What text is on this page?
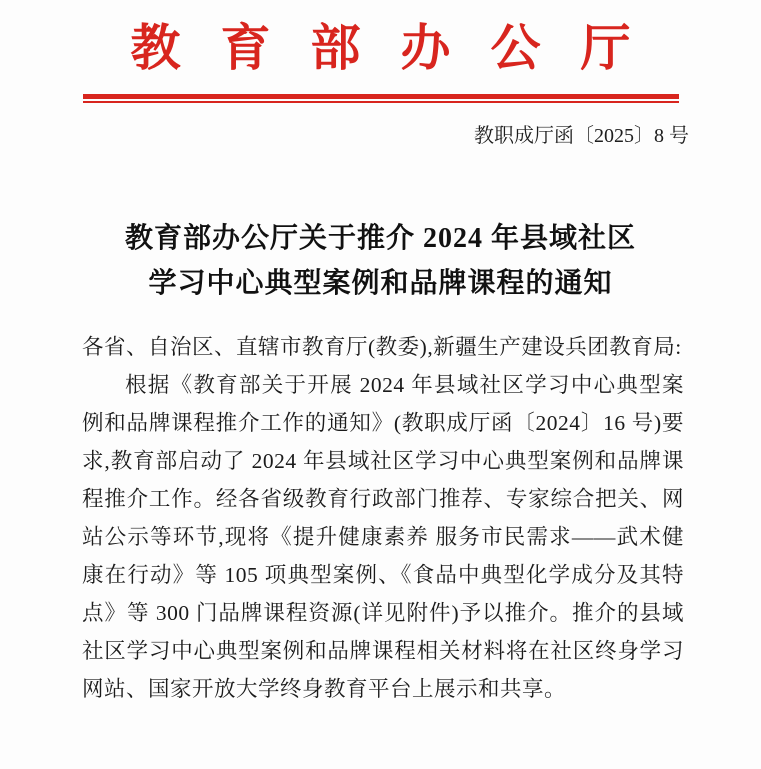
教育部办公厅
教职成厅函〔2025〕8 号
教育部办公厅关于推介 2024 年县域社区
学习中心典型案例和品牌课程的通知

各省、自治区、直辖市教育厅(教委),新疆生产建设兵团教育局:

根据《教育部关于开展 2024 年县域社区学习中心典型案例和品牌课程推介工作的通知》(教职成厅函〔2024〕16 号)要求,教育部启动了 2024 年县域社区学习中心典型案例和品牌课程推介工作。经各省级教育行政部门推荐、专家综合把关、网站公示等环节,现将《提升健康素养 服务市民需求——武术健康在行动》等 105 项典型案例、《食品中典型化学成分及其特点》等 300 门品牌课程资源(详见附件)予以推介。推介的县域社区学习中心典型案例和品牌课程相关材料将在社区终身学习网站、国家开放大学终身教育平台上展示和共享。
